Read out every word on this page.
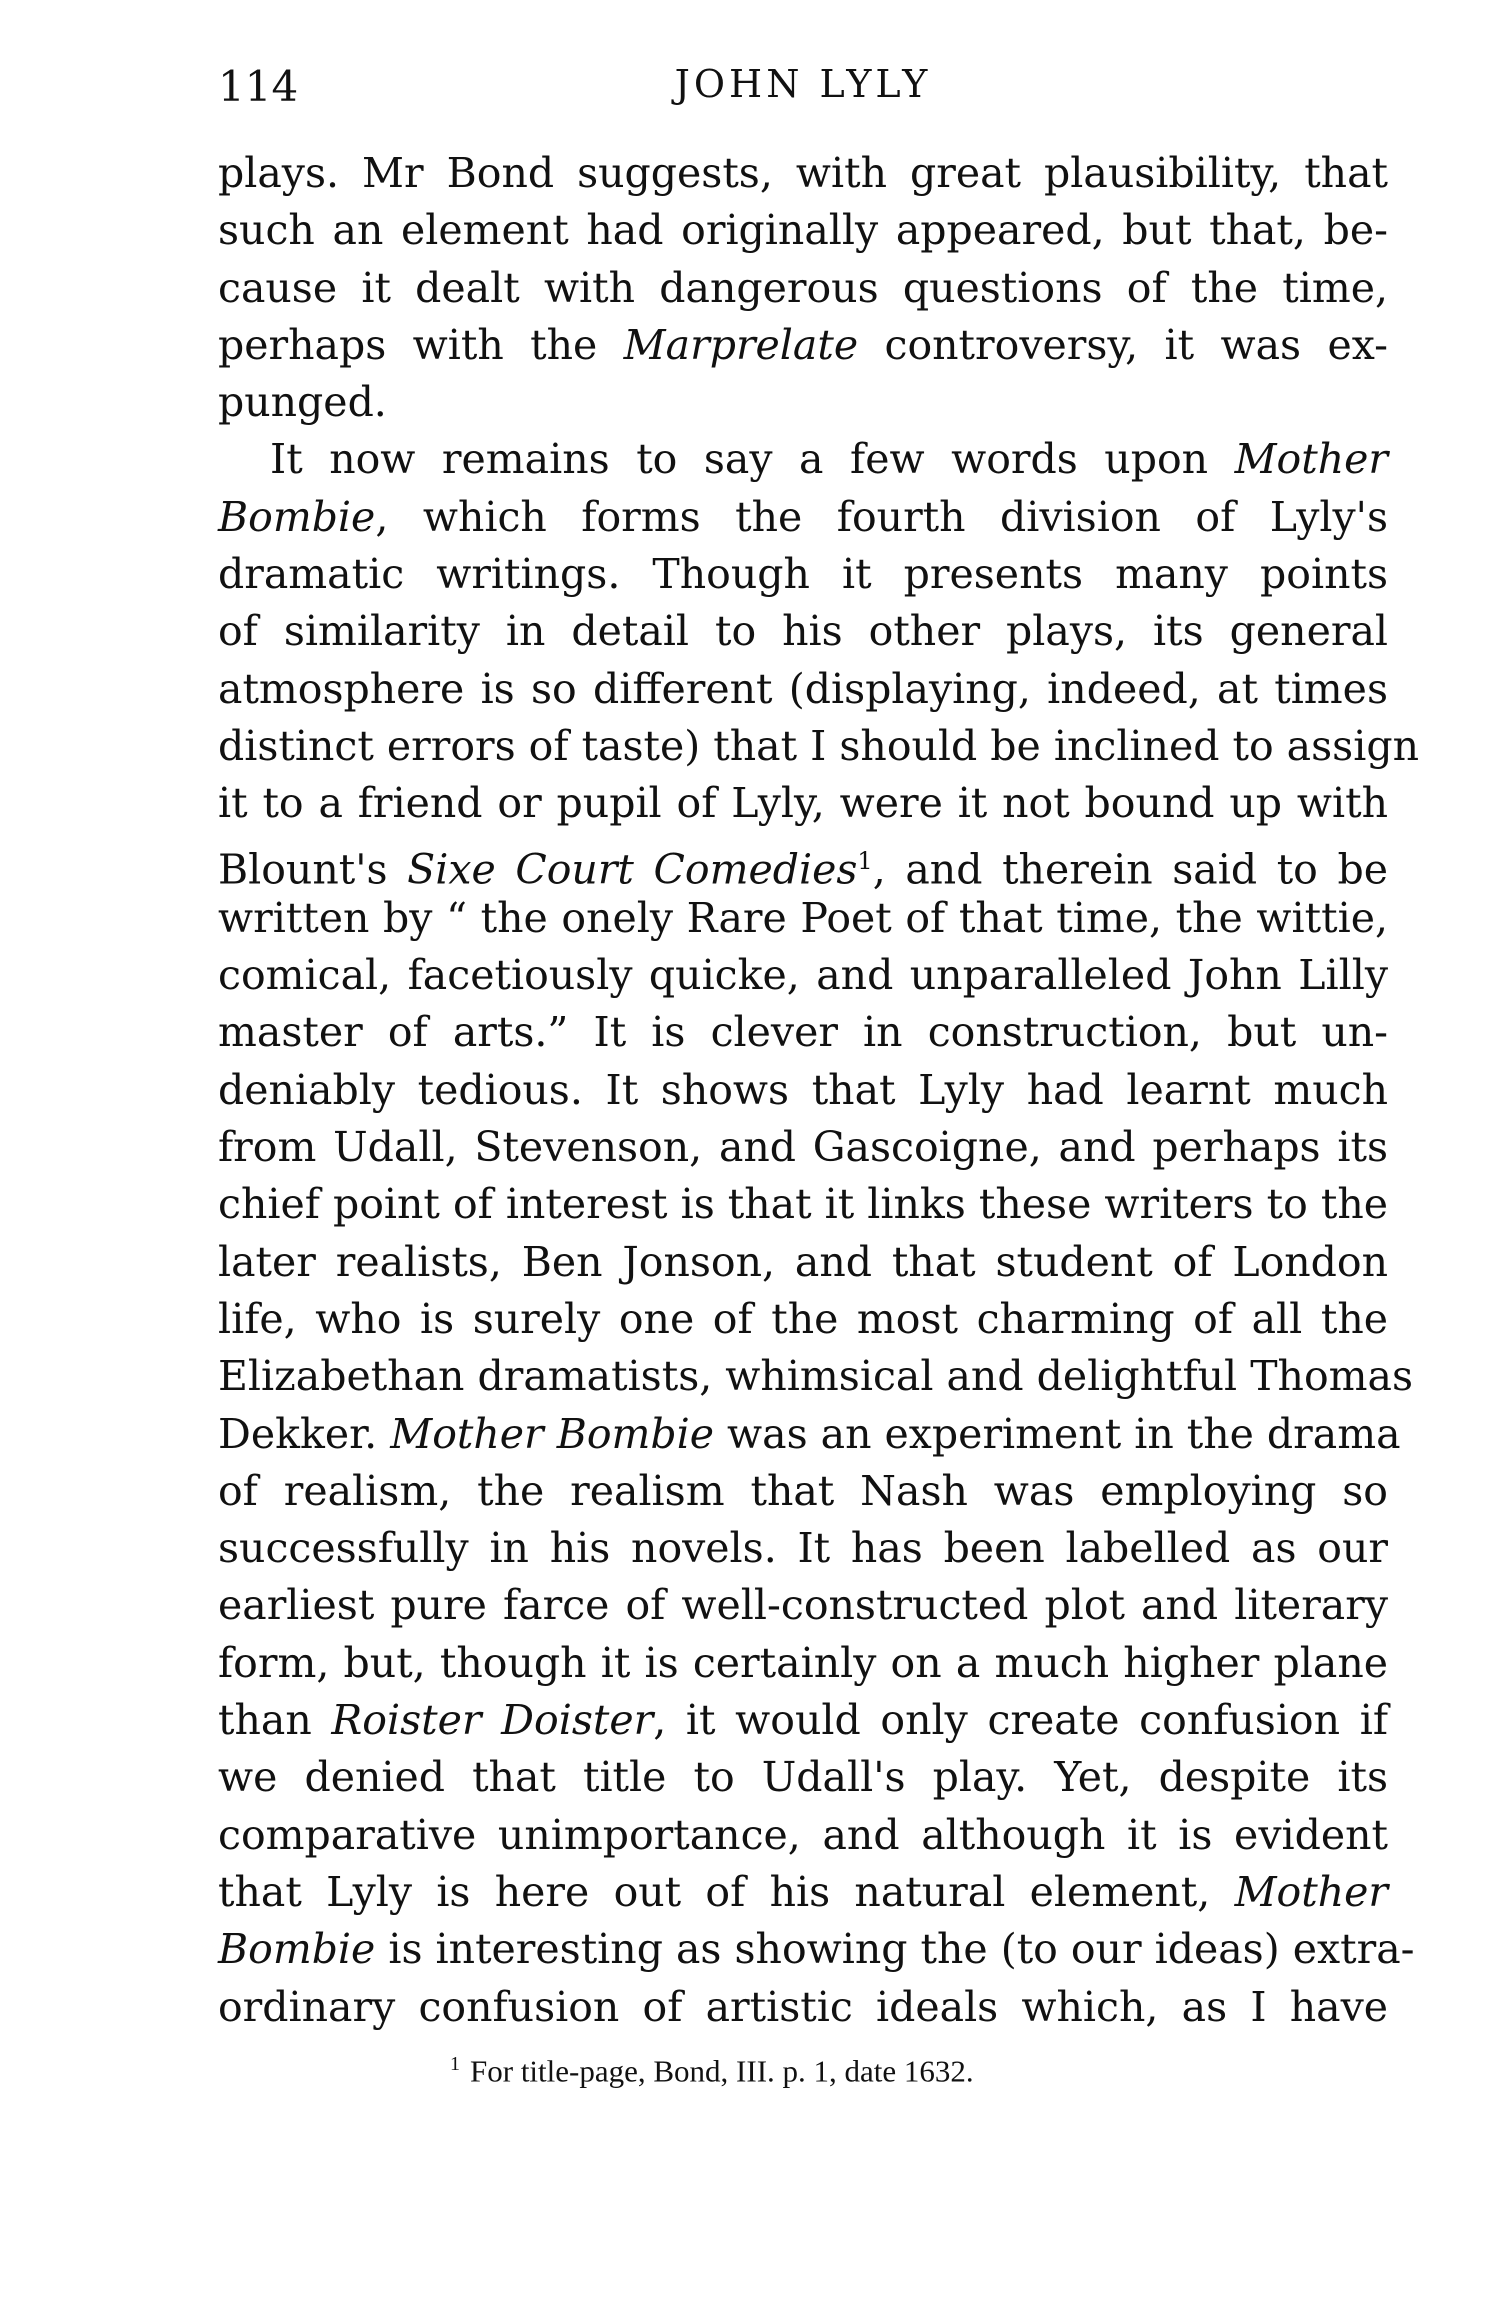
114	JOHN LYLY
plays. Mr Bond suggests, with great plausibility, that
such an element had originally appeared, but that, be-
cause it dealt with dangerous questions of the time,
perhaps with the Marprelate controversy, it was ex-
punged.
It now remains to say a few words upon Mother
Bombie, which forms the fourth division of Lyly's
dramatic writings. Though it presents many points
of similarity in detail to his other plays, its general
atmosphere is so different (displaying, indeed, at times
distinct errors of taste) that I should be inclined to assign
it to a friend or pupil of Lyly, were it not bound up with
Blount's Sixe Court Comedies$^1$, and therein said to be
written by “ the onely Rare Poet of that time, the wittie,
comical, facetiously quicke, and unparalleled John Lilly
master of arts.” It is clever in construction, but un-
deniably tedious. It shows that Lyly had learnt much
from Udall, Stevenson, and Gascoigne, and perhaps its
chief point of interest is that it links these writers to the
later realists, Ben Jonson, and that student of London
life, who is surely one of the most charming of all the
Elizabethan dramatists, whimsical and delightful Thomas
Dekker. Mother Bombie was an experiment in the drama
of realism, the realism that Nash was employing so
successfully in his novels. It has been labelled as our
earliest pure farce of well-constructed plot and literary
form, but, though it is certainly on a much higher plane
than Roister Doister, it would only create confusion if
we denied that title to Udall's play. Yet, despite its
comparative unimportance, and although it is evident
that Lyly is here out of his natural element, Mother
Bombie is interesting as showing the (to our ideas) extra-
ordinary confusion of artistic ideals which, as I have
$^1$ For title-page, Bond, III. p. 1, date 1632.
